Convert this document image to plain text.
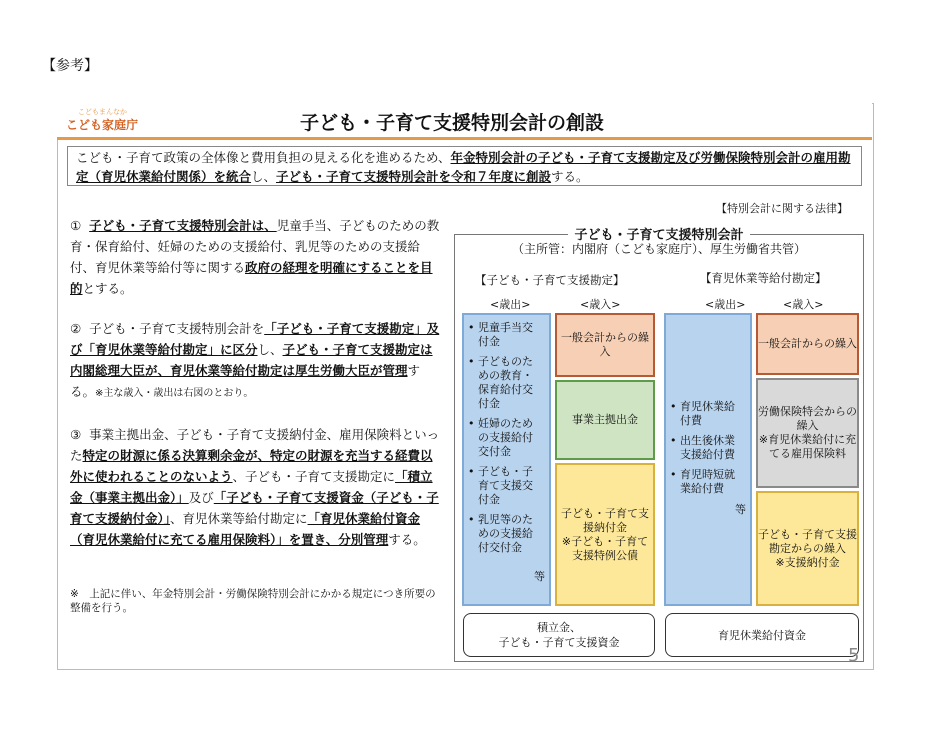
【参考】
こどもまんなか
こども家庭庁	子ども・子育て支援特別会計の創設
こども・子育て政策の全体像と費用負担の見える化を進めるため、年金特別会計の子ども・子育て支援勘定及び労働保険特別会計の雇用勘定（育児休業給付関係）を統合し、子ども・子育て支援特別会計を令和７年度に創設する。
① 子ども・子育て支援特別会計は、児童手当、子どものための教育・保育給付、妊婦のための支援給付、乳児等のための支援給付、育児休業等給付等に関する政府の経理を明確にすることを目的とする。
② 子ども・子育て支援特別会計を「子ども・子育て支援勘定」及び「育児休業等給付勘定」に区分し、子ども・子育て支援勘定は内閣総理大臣が、育児休業等給付勘定は厚生労働大臣が管理する。※主な歳入・歳出は右図のとおり。
③ 事業主拠出金、子ども・子育て支援納付金、雇用保険料といった特定の財源に係る決算剰余金が、特定の財源を充当する経費以外に使われることのないよう、子ども・子育て支援勘定に「積立金（事業主拠出金）」及び「子ども・子育て支援資金（子ども・子育て支援納付金）」、育児休業等給付勘定に「育児休業給付資金（育児休業給付に充てる雇用保険料）」を置き、分別管理する。
※　上記に伴い、年金特別会計・労働保険特別会計にかかる規定につき所要の整備を行う。
【特別会計に関する法律】
子ども・子育て支援特別会計
（主所管：内閣府（こども家庭庁）、厚生労働省共管）
【子ども・子育て支援勘定】	【育児休業等給付勘定】
<歳出>	<歳入>	<歳出>	<歳入>
• 児童手当交付金
• 子どものための教育・保育給付交付金
• 妊婦のための支援給付交付金
• 子ども・子育て支援交付金
• 乳児等のための支援給付交付金
等
一般会計からの繰入
事業主拠出金
子ども・子育て支援納付金
※子ども・子育て支援特例公債
• 育児休業給付費
• 出生後休業支援給付費
• 育児時短就業給付費
等
一般会計からの繰入
労働保険特会からの繰入
※育児休業給付に充てる雇用保険料
子ども・子育て支援勘定からの繰入
※支援納付金
積立金、
子ども・子育て支援資金
育児休業給付資金
5
